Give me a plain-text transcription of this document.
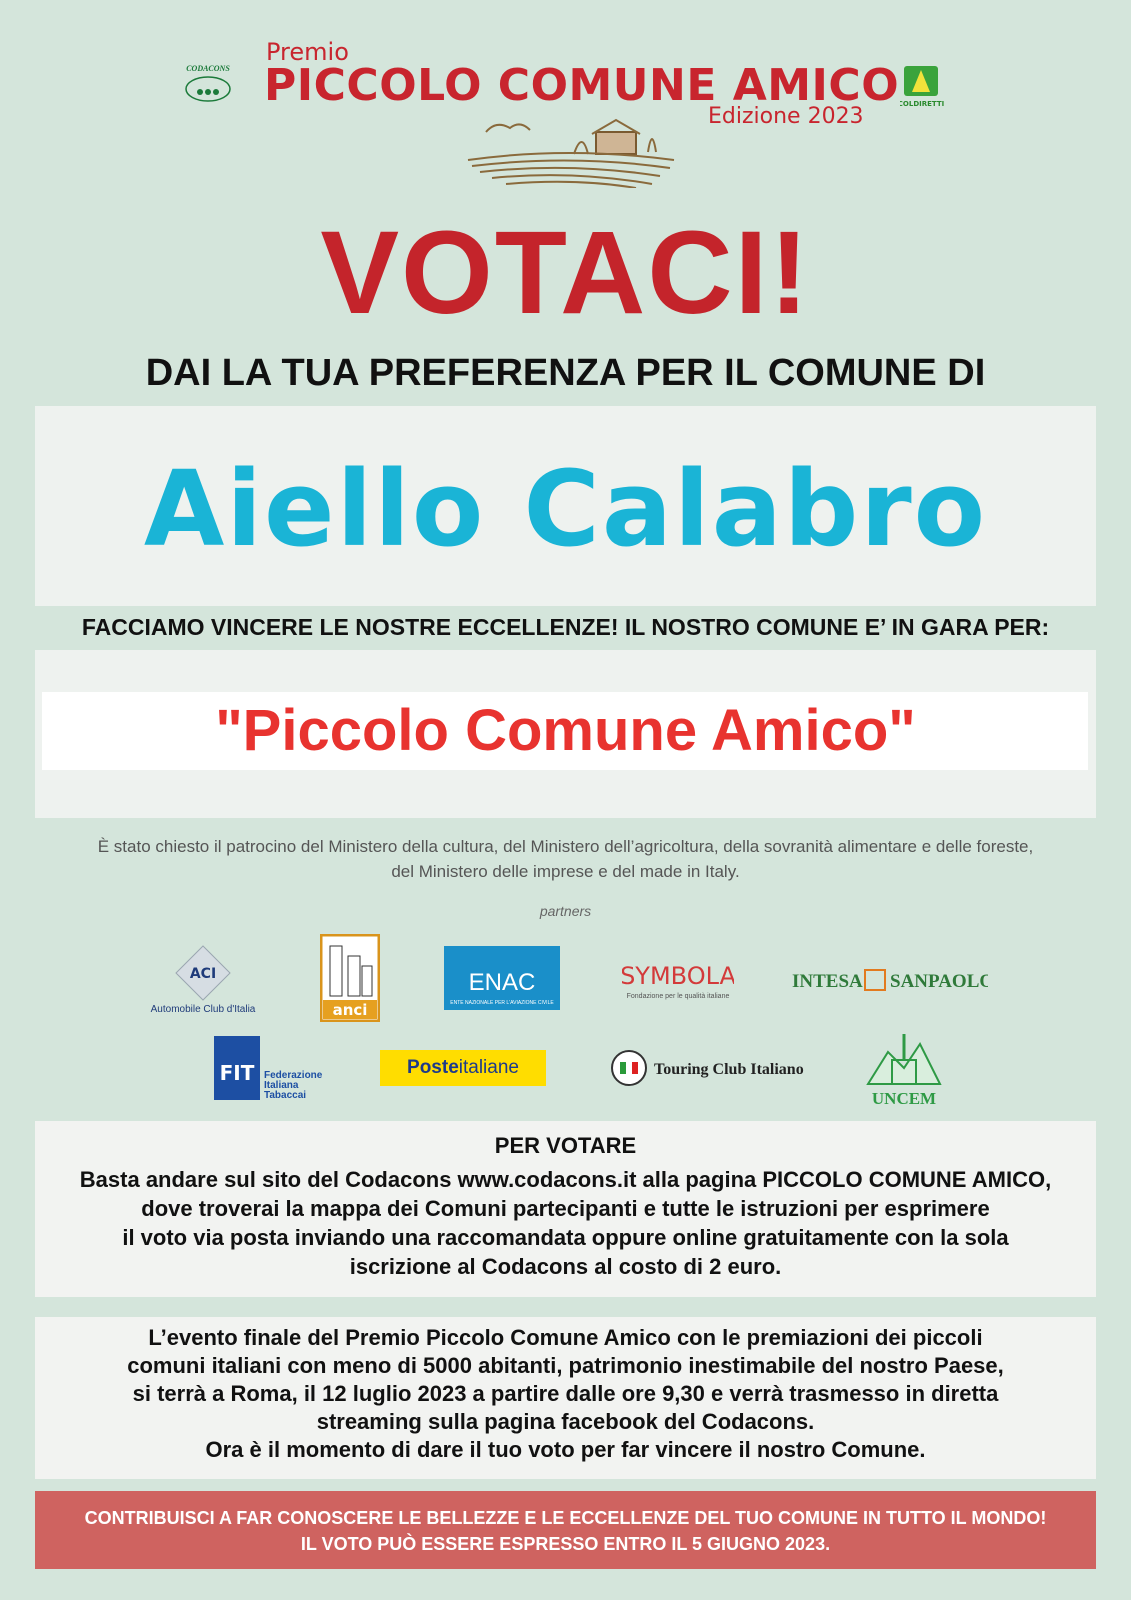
CODACONS
Premio
PICCOLO COMUNE AMICO
Edizione 2023	COLDIRETTI
VOTACI!
DAI LA TUA PREFERENZA PER IL COMUNE DI
Aiello Calabro
FACCIAMO VINCERE LE NOSTRE ECCELLENZE! IL NOSTRO COMUNE E’ IN GARA PER:
"Piccolo Comune Amico"
È stato chiesto il patrocino del Ministero della cultura, del Ministero dell’agricoltura, della sovranità alimentare e delle foreste,
del Ministero delle imprese e del made in Italy.
partners
ACI
Automobile Club d'Italia	anci
ENAC
ENTE NAZIONALE PER L'AVIAZIONE CIVILE
SYMBOLA
Fondazione per le qualità italiane
INTESA SANPAOLO
FIT Federazione
Italiana
Tabaccai
Posteitaliane	Touring Club Italiano
UNCEM
PER VOTARE
Basta andare sul sito del Codacons www.codacons.it alla pagina PICCOLO COMUNE AMICO,
dove troverai la mappa dei Comuni partecipanti e tutte le istruzioni per esprimere
il voto via posta inviando una raccomandata oppure online gratuitamente con la sola
iscrizione al Codacons al costo di 2 euro.
L’evento finale del Premio Piccolo Comune Amico con le premiazioni dei piccoli
comuni italiani con meno di 5000 abitanti, patrimonio inestimabile del nostro Paese,
si terrà a Roma, il 12 luglio 2023 a partire dalle ore 9,30 e verrà trasmesso in diretta
streaming sulla pagina facebook del Codacons.
Ora è il momento di dare il tuo voto per far vincere il nostro Comune.
CONTRIBUISCI A FAR CONOSCERE LE BELLEZZE E LE ECCELLENZE DEL TUO COMUNE IN TUTTO IL MONDO!
IL VOTO PUÒ ESSERE ESPRESSO ENTRO IL 5 GIUGNO 2023.
